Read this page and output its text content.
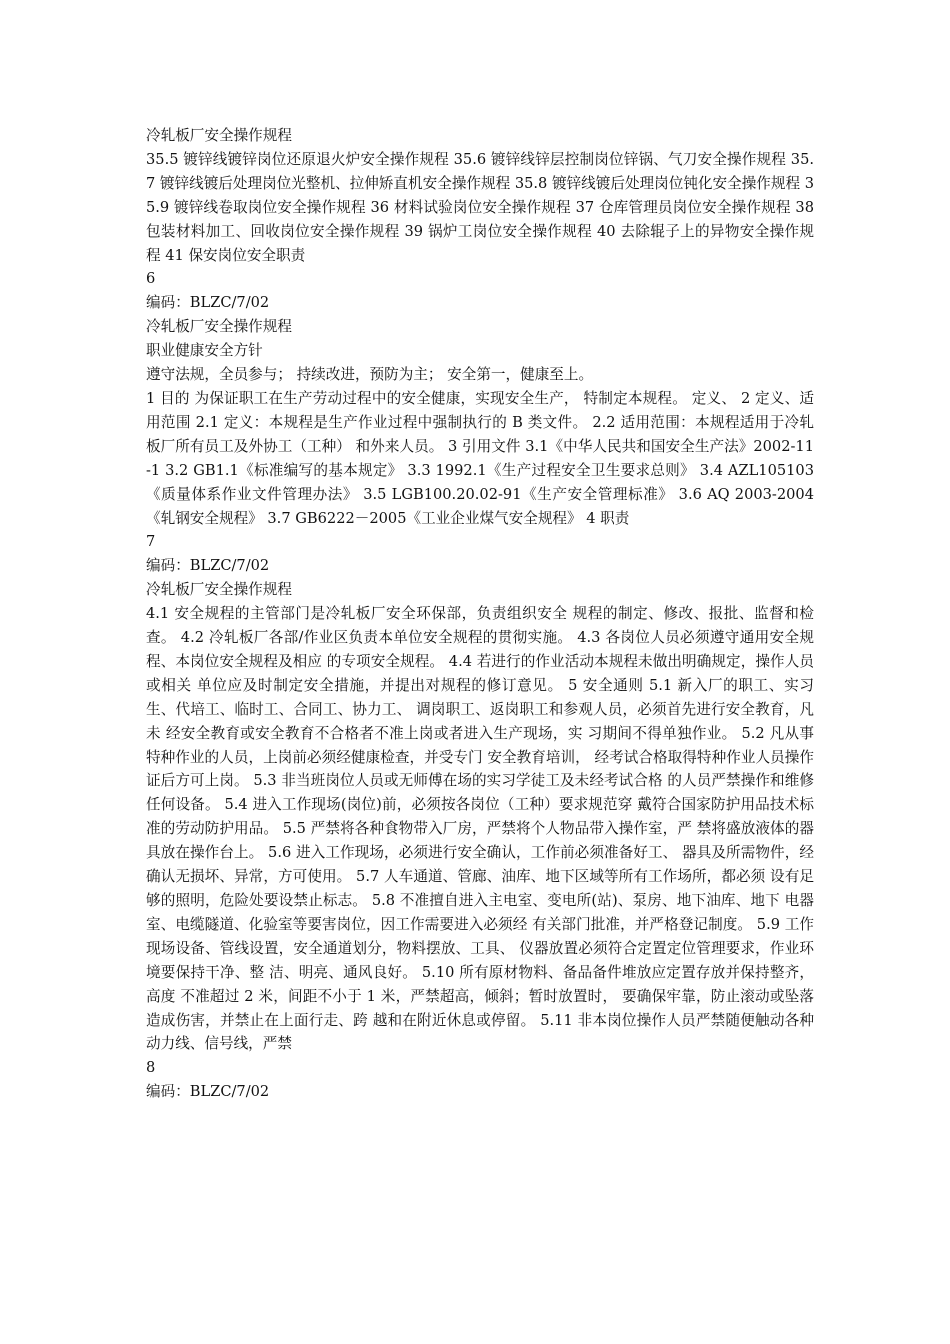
冷轧板厂安全操作规程
35.5 镀锌线镀锌岗位还原退火炉安全操作规程 35.6 镀锌线锌层控制岗位锌锅、气刀安全操作规程 35.7 镀锌线镀后处理岗位光整机、拉伸矫直机安全操作规程 35.8 镀锌线镀后处理岗位钝化安全操作规程 35.9 镀锌线卷取岗位安全操作规程 36 材料试验岗位安全操作规程 37 仓库管理员岗位安全操作规程 38 包装材料加工、回收岗位安全操作规程 39 锅炉工岗位安全操作规程 40 去除辊子上的异物安全操作规程 41 保安岗位安全职责
6
编码：BLZC/7/02
冷轧板厂安全操作规程
职业健康安全方针
遵守法规，全员参与； 持续改进，预防为主； 安全第一，健康至上。
1 目的 为保证职工在生产劳动过程中的安全健康，实现安全生产， 特制定本规程。 定义、 2 定义、适用范围 2.1 定义：本规程是生产作业过程中强制执行的 B 类文件。 2.2 适用范围：本规程适用于冷轧板厂所有员工及外协工（工种） 和外来人员。 3 引用文件 3.1《中华人民共和国安全生产法》2002-11-1 3.2 GB1.1《标准编写的基本规定》 3.3 1992.1《生产过程安全卫生要求总则》 3.4 AZL105103《质量体系作业文件管理办法》 3.5 LGB100.20.02-91《生产安全管理标准》 3.6 AQ 2003-2004《轧钢安全规程》 3.7 GB6222－2005《工业企业煤气安全规程》 4 职责
7
编码：BLZC/7/02
冷轧板厂安全操作规程
4.1 安全规程的主管部门是冷轧板厂安全环保部，负责组织安全 规程的制定、修改、报批、监督和检查。 4.2 冷轧板厂各部/作业区负责本单位安全规程的贯彻实施。 4.3 各岗位人员必须遵守通用安全规程、本岗位安全规程及相应 的专项安全规程。 4.4 若进行的作业活动本规程未做出明确规定，操作人员或相关 单位应及时制定安全措施，并提出对规程的修订意见。 5 安全通则 5.1 新入厂的职工、实习生、代培工、临时工、合同工、协力工、 调岗职工、返岗职工和参观人员，必须首先进行安全教育，凡未 经安全教育或安全教育不合格者不准上岗或者进入生产现场，实 习期间不得单独作业。 5.2 凡从事特种作业的人员，上岗前必须经健康检查，并受专门 安全教育培训， 经考试合格取得特种作业人员操作证后方可上岗。 5.3 非当班岗位人员或无师傅在场的实习学徒工及未经考试合格 的人员严禁操作和维修任何设备。 5.4 进入工作现场(岗位)前，必须按各岗位（工种）要求规范穿 戴符合国家防护用品技术标准的劳动防护用品。 5.5 严禁将各种食物带入厂房，严禁将个人物品带入操作室，严 禁将盛放液体的器具放在操作台上。 5.6 进入工作现场，必须进行安全确认，工作前必须准备好工、 器具及所需物件，经确认无损坏、异常，方可使用。 5.7 人车通道、管廊、油库、地下区域等所有工作场所，都必须 设有足够的照明，危险处要设禁止标志。 5.8 不准擅自进入主电室、变电所(站)、泵房、地下油库、地下 电器室、电缆隧道、化验室等要害岗位，因工作需要进入必须经 有关部门批准，并严格登记制度。 5.9 工作现场设备、管线设置，安全通道划分，物料摆放、工具、 仪器放置必须符合定置定位管理要求，作业环境要保持干净、整 洁、明亮、通风良好。 5.10 所有原材物料、备品备件堆放应定置存放并保持整齐，高度 不准超过 2 米，间距不小于 1 米，严禁超高，倾斜；暂时放置时， 要确保牢靠，防止滚动或坠落造成伤害，并禁止在上面行走、跨 越和在附近休息或停留。 5.11 非本岗位操作人员严禁随便触动各种动力线、信号线，严禁
8
编码：BLZC/7/02
